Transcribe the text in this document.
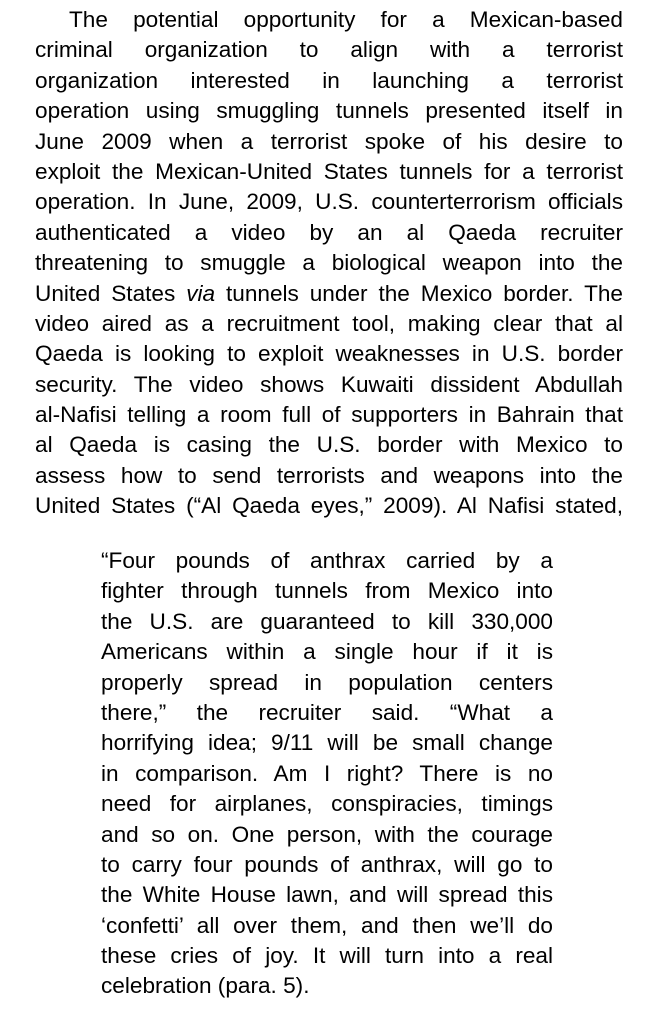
The potential opportunity for a Mexican-based
criminal organization to align with a terrorist
organization interested in launching a terrorist
operation using smuggling tunnels presented itself in
June 2009 when a terrorist spoke of his desire to
exploit the Mexican-United States tunnels for a terrorist
operation. In June, 2009, U.S. counterterrorism officials
authenticated a video by an al Qaeda recruiter
threatening to smuggle a biological weapon into the
United States via tunnels under the Mexico border. The
video aired as a recruitment tool, making clear that al
Qaeda is looking to exploit weaknesses in U.S. border
security. The video shows Kuwaiti dissident Abdullah
al-Nafisi telling a room full of supporters in Bahrain that
al Qaeda is casing the U.S. border with Mexico to
assess how to send terrorists and weapons into the
United States (“Al Qaeda eyes,” 2009). Al Nafisi stated,
“Four pounds of anthrax carried by a
fighter through tunnels from Mexico into
the U.S. are guaranteed to kill 330,000
Americans within a single hour if it is
properly spread in population centers
there,” the recruiter said. “What a
horrifying idea; 9/11 will be small change
in comparison. Am I right? There is no
need for airplanes, conspiracies, timings
and so on. One person, with the courage
to carry four pounds of anthrax, will go to
the White House lawn, and will spread this
‘confetti’ all over them, and then we’ll do
these cries of joy. It will turn into a real
celebration (para. 5).
